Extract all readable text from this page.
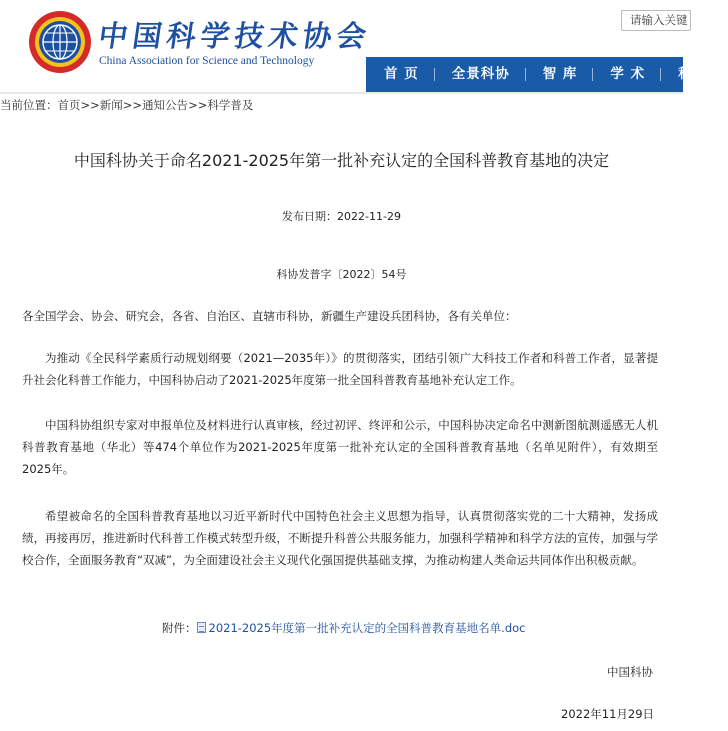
中国科学技术协会
China Association for Science and Technology
请输入关键
首 页	全景科协	智 库	学 术	科 普
当前位置：首页>>新闻>>通知公告>>科学普及
中国科协关于命名2021-2025年第一批补充认定的全国科普教育基地的决定
发布日期：2022-11-29
科协发普字〔2022〕54号
各全国学会、协会、研究会，各省、自治区、直辖市科协，新疆生产建设兵团科协，各有关单位：

为推动《全民科学素质行动规划纲要（2021—2035年）》的贯彻落实，团结引领广大科技工作者和科普工作者，显著提升社会化科普工作能力，中国科协启动了2021-2025年度第一批全国科普教育基地补充认定工作。

中国科协组织专家对申报单位及材料进行认真审核，经过初评、终评和公示，中国科协决定命名中测新图航测遥感无人机科普教育基地（华北）等474个单位作为2021-2025年度第一批补充认定的全国科普教育基地（名单见附件），有效期至2025年。

希望被命名的全国科普教育基地以习近平新时代中国特色社会主义思想为指导，认真贯彻落实党的二十大精神，发扬成绩，再接再厉，推进新时代科普工作模式转型升级，不断提升科普公共服务能力，加强科学精神和科学方法的宣传，加强与学校合作，全面服务教育“双减”，为全面建设社会主义现代化强国提供基础支撑，为推动构建人类命运共同体作出积极贡献。

附件： 2021-2025年度第一批补充认定的全国科普教育基地名单.doc
中国科协
2022年11月29日
